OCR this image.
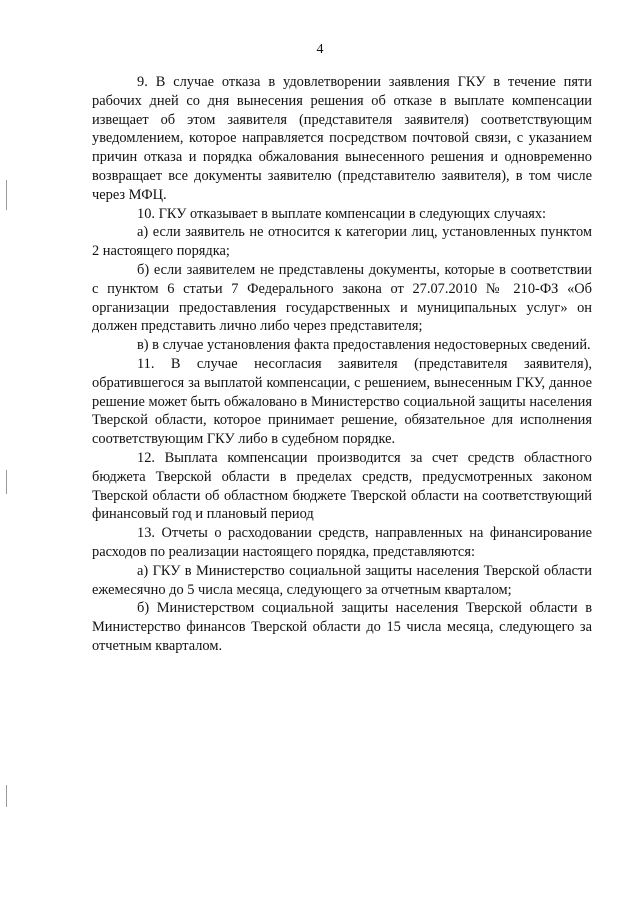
4

9. В случае отказа в удовлетворении заявления ГКУ в течение пяти рабочих дней со дня вынесения решения об отказе в выплате компенсации извещает об этом заявителя (представителя заявителя) соответствующим уведомлением, которое направляется посредством почтовой связи, с указанием причин отказа и порядка обжалования вынесенного решения и одновременно возвращает все документы заявителю (представителю заявителя), в том числе через МФЦ.

10. ГКУ отказывает в выплате компенсации в следующих случаях:

а) если заявитель не относится к категории лиц, установленных пунктом 2 настоящего порядка;

б) если заявителем не представлены документы, которые в соответствии с пунктом 6 статьи 7 Федерального закона от 27.07.2010 № 210-ФЗ «Об организации предоставления государственных и муниципальных услуг» он должен представить лично либо через представителя;

в) в случае установления факта предоставления недостоверных сведений.

11. В случае несогласия заявителя (представителя заявителя), обратившегося за выплатой компенсации, с решением, вынесенным ГКУ, данное решение может быть обжаловано в Министерство социальной защиты населения Тверской области, которое принимает решение, обязательное для исполнения соответствующим ГКУ либо в судебном порядке.

12. Выплата компенсации производится за счет средств областного бюджета Тверской области в пределах средств, предусмотренных законом Тверской области об областном бюджете Тверской области на соответствующий финансовый год и плановый период

13. Отчеты о расходовании средств, направленных на финансирование расходов по реализации настоящего порядка, представляются:

а) ГКУ в Министерство социальной защиты населения Тверской области ежемесячно до 5 числа месяца, следующего за отчетным кварталом;

б) Министерством социальной защиты населения Тверской области в Министерство финансов Тверской области до 15 числа месяца, следующего за отчетным кварталом.
